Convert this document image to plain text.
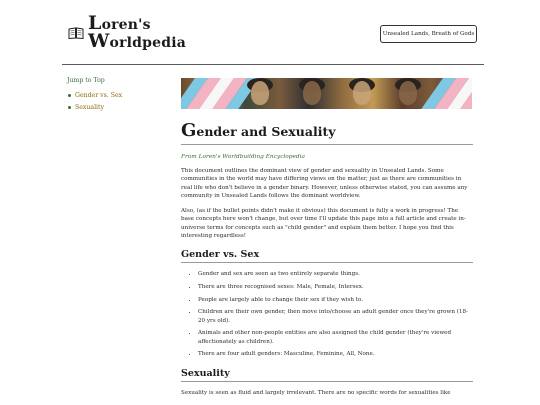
Loren's
Worldpedia
Unsealed Lands, Breath of Gods
Jump to Top
Gender vs. Sex
Sexuality
Gender and Sexuality
From Loren's Worldbuilding Encyclopedia

This document outlines the dominant view of gender and sexuality in Unsealed Lands. Some communities in the world may have differing views on the matter, just as there are communities in real life who don't believe in a gender binary. However, unless otherwise stated, you can assume any community in Unsealed Lands follows the dominant worldview.

Also, (as if the bullet points didn't make it obvious) this document is fully a work in progress! The base concepts here won't change, but over time I'll update this page into a full article and create in-universe terms for concepts such as "child gender" and explain them better. I hope you find this interesting regardless!

Gender vs. Sex
• Gender and sex are seen as two entirely separate things.
• There are three recognised sexes: Male, Female, Intersex.
• People are largely able to change their sex if they wish to.
• Children are their own gender, then move into/choose an adult gender once they're grown (18-20 yrs old).
• Animals and other non-people entities are also assigned the child gender (they're viewed affectionately as children).
• There are four adult genders: Masculine, Feminine, All, None.
Sexuality

Sexuality is seen as fluid and largely irrelevant. There are no specific words for sexualities like
